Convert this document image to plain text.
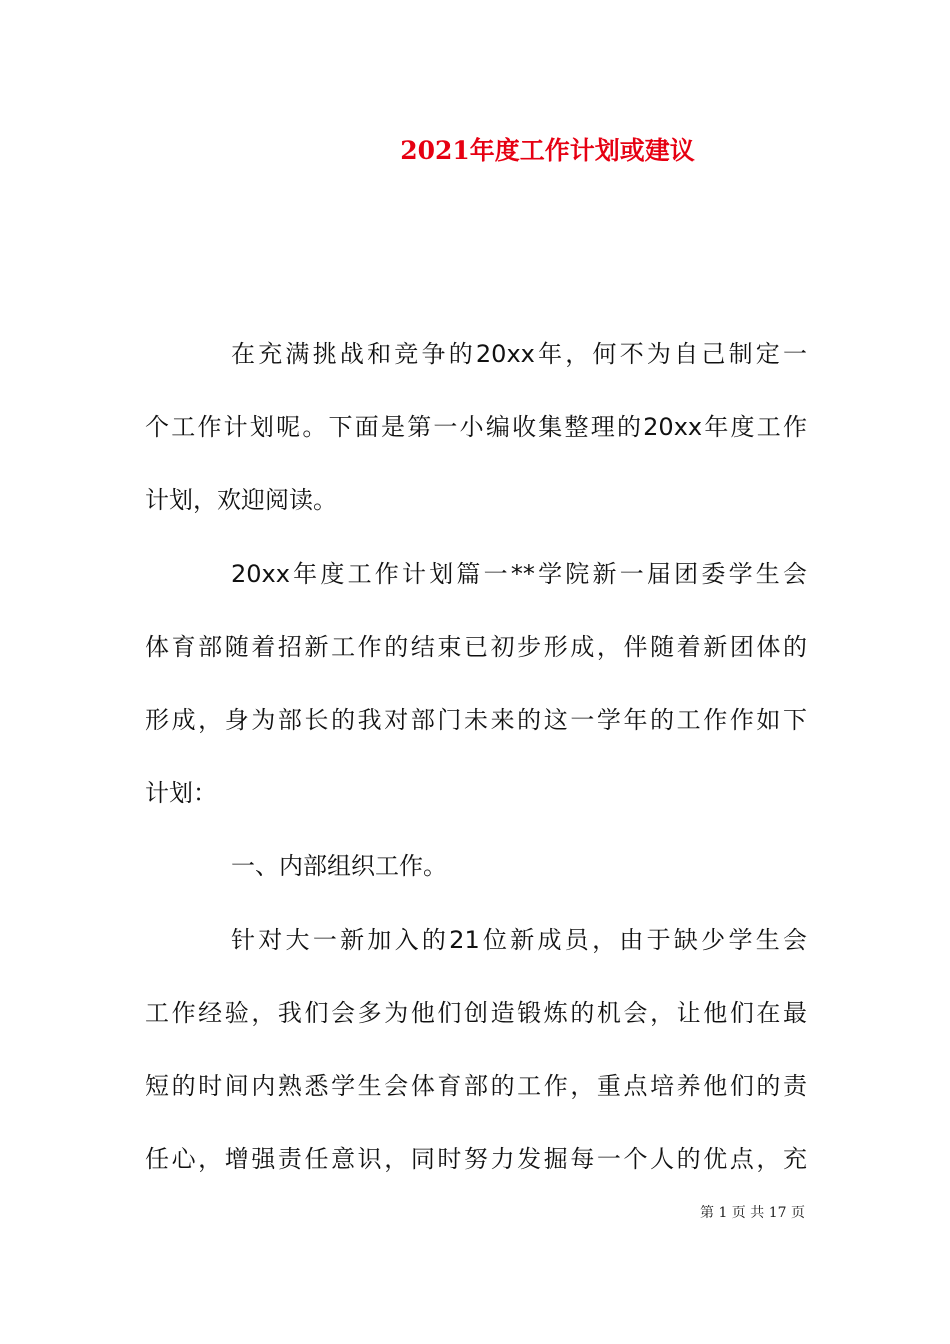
2021年度工作计划或建议
在充满挑战和竞争的20xx年，何不为自己制定一
个工作计划呢。下面是第一小编收集整理的20xx年度工作
计划，欢迎阅读。
20xx年度工作计划篇一**学院新一届团委学生会
体育部随着招新工作的结束已初步形成，伴随着新团体的
形成，身为部长的我对部门未来的这一学年的工作作如下
计划：
一、内部组织工作。
针对大一新加入的21位新成员，由于缺少学生会
工作经验，我们会多为他们创造锻炼的机会，让他们在最
短的时间内熟悉学生会体育部的工作，重点培养他们的责
任心，增强责任意识，同时努力发掘每一个人的优点，充
第 1 页 共 17 页
